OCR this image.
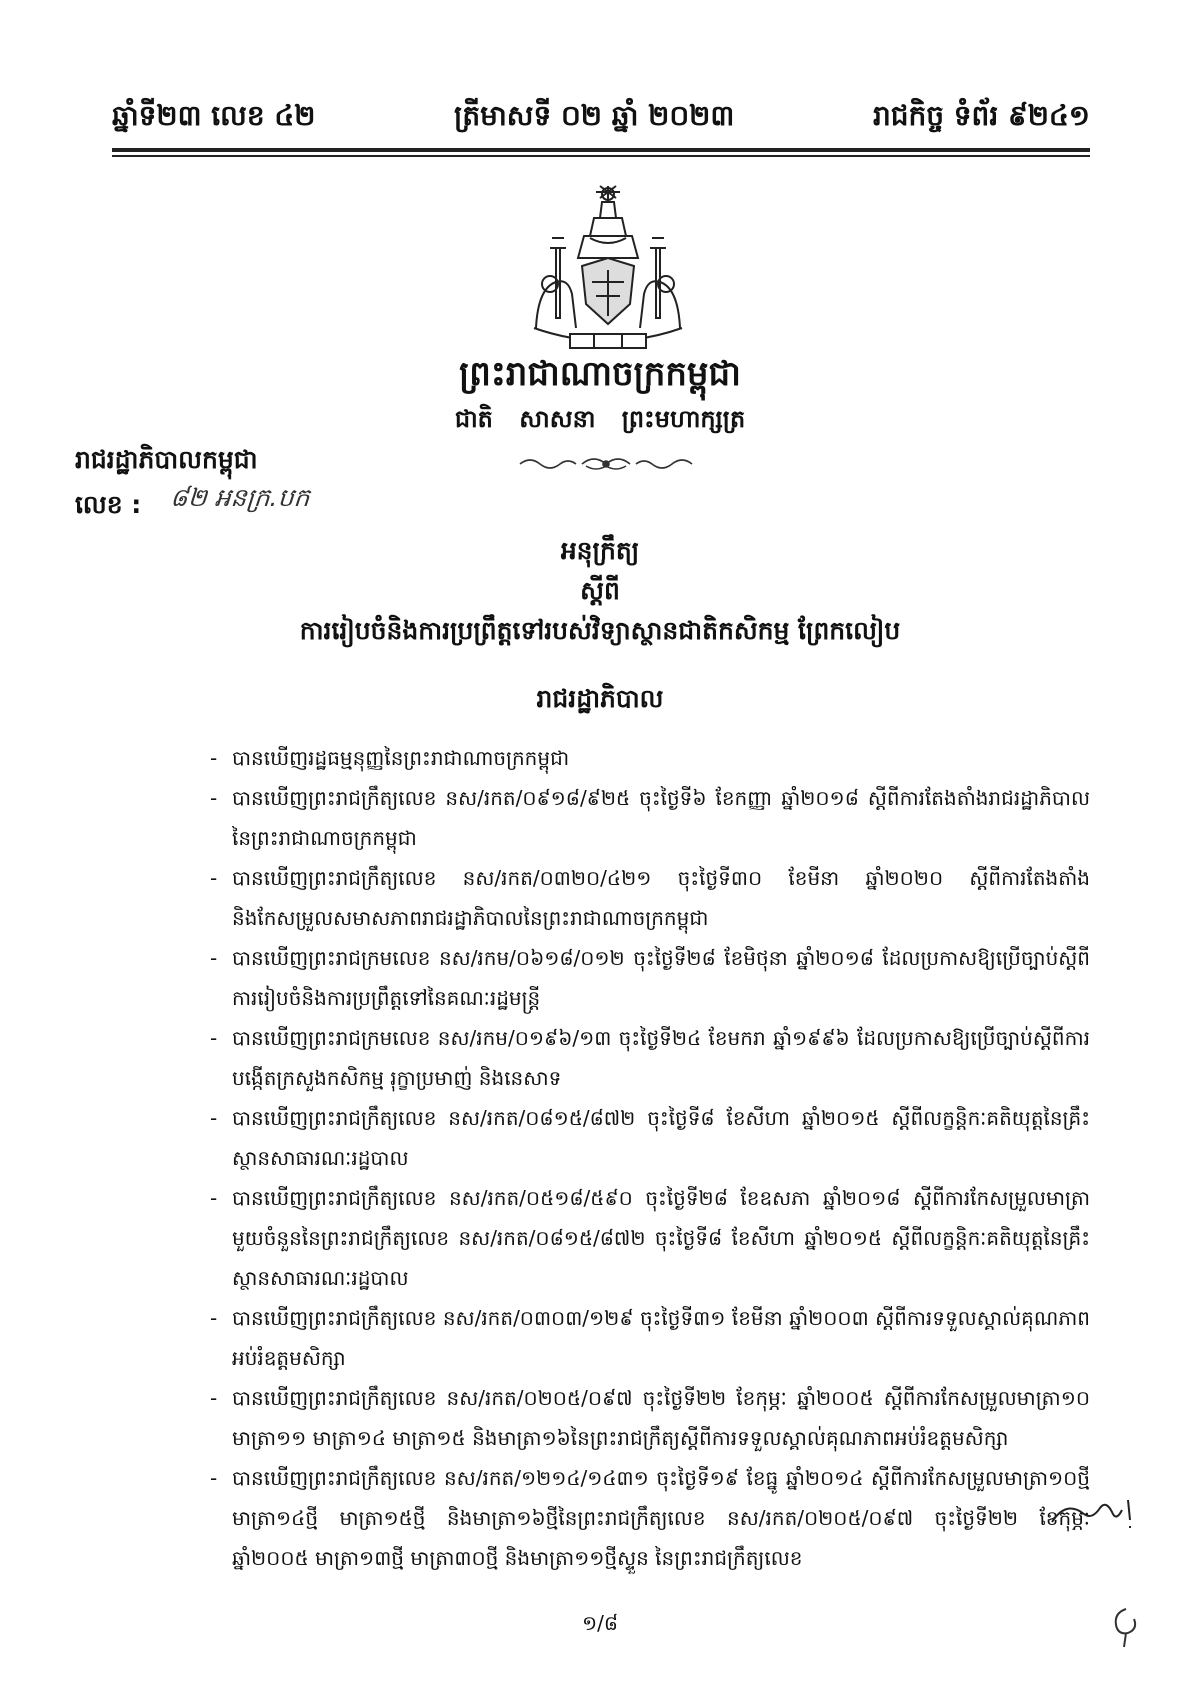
ឆ្នាំទី២៣ លេខ ៤២	ត្រីមាសទី ០២ ឆ្នាំ ២០២៣	រាជកិច្ច ទំព័រ ៩២៤១
ព្រះរាជាណាចក្រកម្ពុជា
ជាតិ សាសនា ព្រះមហាក្សត្រ
រាជរដ្ឋាភិបាលកម្ពុជា
លេខ : ៨២ អនក្រ.បក
អនុក្រឹត្យ
ស្តីពី
ការរៀបចំនិងការប្រព្រឹត្តទៅរបស់វិទ្យាស្ថានជាតិកសិកម្ម ព្រែកលៀប
រាជរដ្ឋាភិបាល
- បានឃើញរដ្ឋធម្មនុញ្ញនៃព្រះរាជាណាចក្រកម្ពុជា
- បានឃើញព្រះរាជក្រឹត្យលេខ នស/រកត/០៩១៨/៩២៥ ចុះថ្ងៃទី៦ ខែកញ្ញា ឆ្នាំ២០១៨ ស្តីពីការតែងតាំងរាជរដ្ឋាភិបាលនៃព្រះរាជាណាចក្រកម្ពុជា
- បានឃើញព្រះរាជក្រឹត្យលេខ នស/រកត/០៣២០/៤២១ ចុះថ្ងៃទី៣០ ខែមីនា ឆ្នាំ២០២០ ស្តីពីការតែងតាំង និងកែសម្រួលសមាសភាពរាជរដ្ឋាភិបាលនៃព្រះរាជាណាចក្រកម្ពុជា
- បានឃើញព្រះរាជក្រមលេខ នស/រកម/០៦១៨/០១២ ចុះថ្ងៃទី២៨ ខែមិថុនា ឆ្នាំ២០១៨ ដែលប្រកាសឱ្យប្រើច្បាប់ស្តីពីការរៀបចំនិងការប្រព្រឹត្តទៅនៃគណៈរដ្ឋមន្ត្រី
- បានឃើញព្រះរាជក្រមលេខ នស/រកម/០១៩៦/១៣ ចុះថ្ងៃទី២៤ ខែមករា ឆ្នាំ១៩៩៦ ដែលប្រកាសឱ្យប្រើច្បាប់ស្តីពីការបង្កើតក្រសួងកសិកម្ម រុក្ខាប្រមាញ់ និងនេសាទ
- បានឃើញព្រះរាជក្រឹត្យលេខ នស/រកត/០៨១៥/៨៧២ ចុះថ្ងៃទី៨ ខែសីហា ឆ្នាំ២០១៥ ស្តីពីលក្ខន្តិកៈគតិយុត្តនៃគ្រឹះស្ថានសាធារណៈរដ្ឋបាល
- បានឃើញព្រះរាជក្រឹត្យលេខ នស/រកត/០៥១៨/៥៩០ ចុះថ្ងៃទី២៨ ខែឧសភា ឆ្នាំ២០១៨ ស្តីពីការកែសម្រួលមាត្រាមួយចំនួននៃព្រះរាជក្រឹត្យលេខ នស/រកត/០៨១៥/៨៧២ ចុះថ្ងៃទី៨ ខែសីហា ឆ្នាំ២០១៥ ស្តីពីលក្ខន្តិកៈគតិយុត្តនៃគ្រឹះស្ថានសាធារណៈរដ្ឋបាល
- បានឃើញព្រះរាជក្រឹត្យលេខ នស/រកត/០៣០៣/១២៩ ចុះថ្ងៃទី៣១ ខែមីនា ឆ្នាំ២០០៣ ស្តីពីការទទួលស្គាល់គុណភាពអប់រំឧត្តមសិក្សា
- បានឃើញព្រះរាជក្រឹត្យលេខ នស/រកត/០២០៥/០៩៧ ចុះថ្ងៃទី២២ ខែកុម្ភៈ ឆ្នាំ២០០៥ ស្តីពីការកែសម្រួលមាត្រា១០ មាត្រា១១ មាត្រា១៤ មាត្រា១៥ និងមាត្រា១៦នៃព្រះរាជក្រឹត្យស្តីពីការទទួលស្គាល់គុណភាពអប់រំឧត្តមសិក្សា
- បានឃើញព្រះរាជក្រឹត្យលេខ នស/រកត/១២១៤/១៤៣១ ចុះថ្ងៃទី១៩ ខែធ្នូ ឆ្នាំ២០១៤ ស្តីពីការកែសម្រួលមាត្រា១០ថ្មី មាត្រា១៤ថ្មី មាត្រា១៥ថ្មី និងមាត្រា១៦ថ្មីនៃព្រះរាជក្រឹត្យលេខ នស/រកត/០២០៥/០៩៧ ចុះថ្ងៃទី២២ ខែកុម្ភៈ ឆ្នាំ២០០៥ មាត្រា១៣ថ្មី មាត្រា៣០ថ្មី និងមាត្រា១១ថ្មីស្ទួន នៃព្រះរាជក្រឹត្យលេខ
១/៨
